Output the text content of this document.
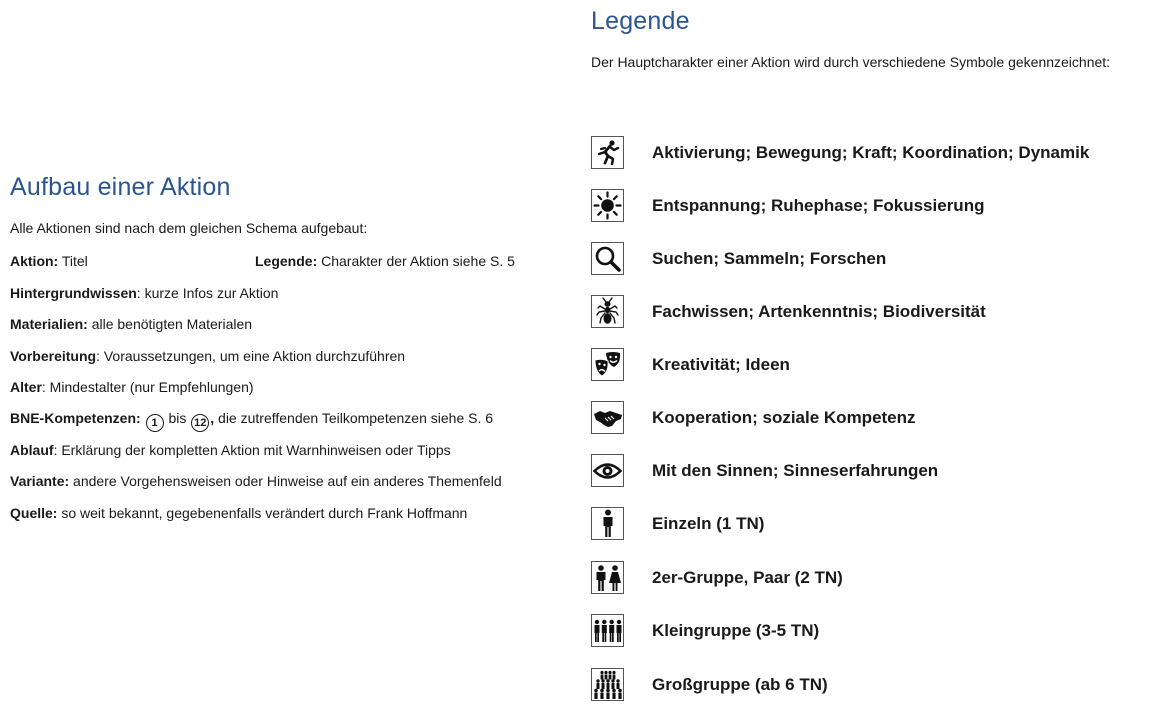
Aufbau einer Aktion
Alle Aktionen sind nach dem gleichen Schema aufgebaut:
Aktion: Titel	Legende: Charakter der Aktion siehe S. 5
Hintergrundwissen: kurze Infos zur Aktion
Materialien: alle benötigten Materialen
Vorbereitung: Voraussetzungen, um eine Aktion durchzuführen
Alter: Mindestalter (nur Empfehlungen)
BNE-Kompetenzen: 1 bis 12 , die zutreffenden Teilkompetenzen siehe S. 6
Ablauf: Erklärung der kompletten Aktion mit Warnhinweisen oder Tipps
Variante: andere Vorgehensweisen oder Hinweise auf ein anderes Themenfeld
Quelle: so weit bekannt, gegebenenfalls verändert durch Frank Hoffmann
Legende
Der Hauptcharakter einer Aktion wird durch verschiedene Symbole gekennzeichnet:
Aktivierung; Bewegung; Kraft; Koordination; Dynamik
Entspannung; Ruhephase; Fokussierung
Suchen; Sammeln; Forschen
Fachwissen; Artenkenntnis; Biodiversität
Kreativität; Ideen
Kooperation; soziale Kompetenz
Mit den Sinnen; Sinneserfahrungen
Einzeln (1 TN)
2er-Gruppe, Paar (2 TN)
Kleingruppe (3-5 TN)
Großgruppe (ab 6 TN)
